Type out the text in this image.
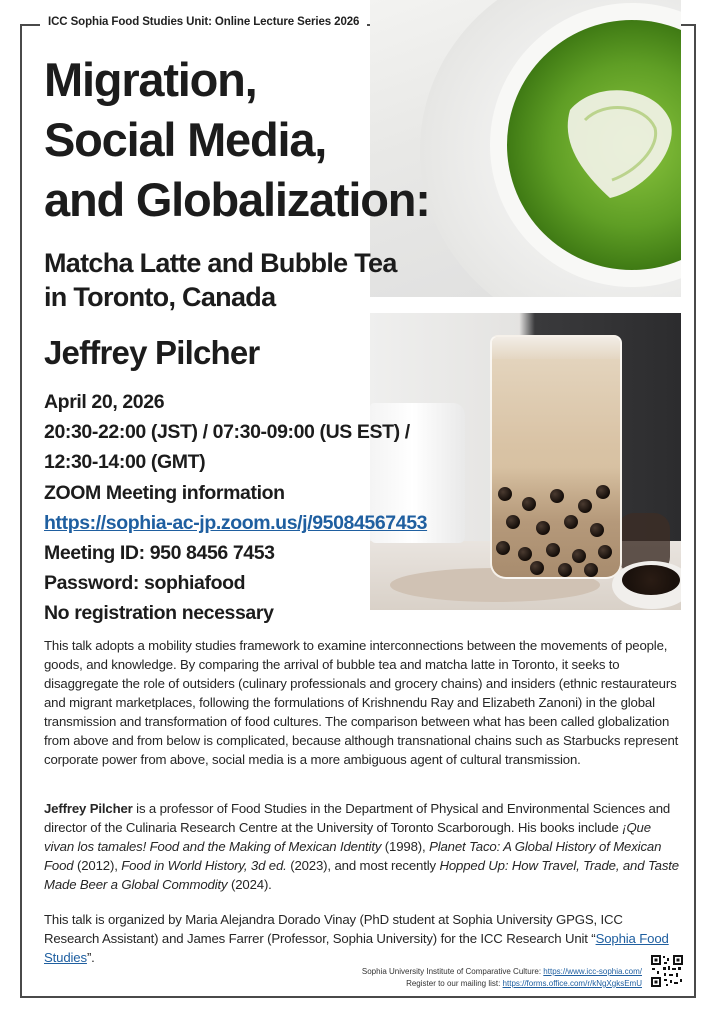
ICC Sophia Food Studies Unit: Online Lecture Series 2026
Migration,
Social Media,
and Globalization:
Matcha Latte and Bubble Tea
in Toronto, Canada
Jeffrey Pilcher
April 20, 2026
20:30-22:00 (JST) / 07:30-09:00 (US EST) /
12:30-14:00 (GMT)
ZOOM Meeting information
https://sophia-ac-jp.zoom.us/j/95084567453
Meeting ID: 950 8456 7453
Password: sophiafood
No registration necessary
This talk adopts a mobility studies framework to examine interconnections between the movements of people, goods, and knowledge. By comparing the arrival of bubble tea and matcha latte in Toronto, it seeks to disaggregate the role of outsiders (culinary professionals and grocery chains) and insiders (ethnic restaurateurs and migrant marketplaces, following the formulations of Krishnendu Ray and Elizabeth Zanoni) in the global transmission and transformation of food cultures. The comparison between what has been called globalization from above and from below is complicated, because although transnational chains such as Starbucks represent corporate power from above, social media is a more ambiguous agent of cultural transmission.
Jeffrey Pilcher is a professor of Food Studies in the Department of Physical and Environmental Sciences and director of the Culinaria Research Centre at the University of Toronto Scarborough. His books include ¡Que vivan los tamales! Food and the Making of Mexican Identity (1998), Planet Taco: A Global History of Mexican Food (2012), Food in World History, 3d ed. (2023), and most recently Hopped Up: How Travel, Trade, and Taste Made Beer a Global Commodity (2024).
This talk is organized by Maria Alejandra Dorado Vinay (PhD student at Sophia University GPGS, ICC Research Assistant) and James Farrer (Professor, Sophia University) for the ICC Research Unit “Sophia Food Studies”.
Sophia University Institute of Comparative Culture: https://www.icc-sophia.com/
Register to our mailing list: https://forms.office.com/r/kNgXgksEmU
